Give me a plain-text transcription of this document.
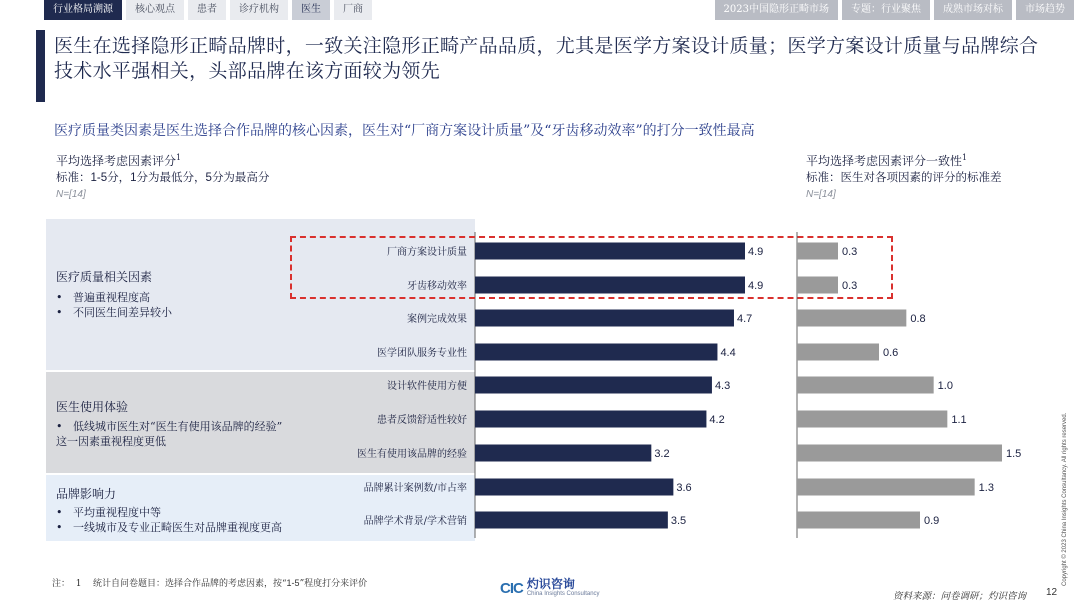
行业格局溯源	核心观点	患者	诊疗机构	医生	厂商	2023中国隐形正畸市场	专题：行业聚焦	成熟市场对标	市场趋势
医生在选择隐形正畸品牌时，一致关注隐形正畸产品品质，尤其是医学方案设计质量；医学方案设计质量与品牌综合技术水平强相关，头部品牌在该方面较为领先
医疗质量类因素是医生选择合作品牌的核心因素，医生对“厂商方案设计质量”及“牙齿移动效率”的打分一致性最高
平均选择考虑因素评分$^1$
标准：1-5分，1分为最低分，5分为最高分
N=[14]
平均选择考虑因素评分一致性$^1$
标准：医生对各项因素的评分的标准差
N=[14]
医疗质量相关因素
•   普遍重视程度高
•   不同医生间差异较小
医生使用体验
•   低线城市医生对“医生有使用该品牌的经验”
这一因素重视程度更低
品牌影响力
•   平均重视程度中等
•   一线城市及专业正畸医生对品牌重视度更高
厂商方案设计质量	4.9	0.3
牙齿移动效率	4.9	0.3
案例完成效果	4.7	0.8
医学团队服务专业性	4.4	0.6
设计软件使用方便	4.3	1.0
患者反馈舒适性较好	4.2	1.1
医生有使用该品牌的经验	3.2	1.5
品牌累计案例数/市占率	3.6	1.3
品牌学术背景/学术营销	3.5	0.9
注： 1 统计自问卷题目：选择合作品牌的考虑因素，按“1-5”程度打分来评价	CIC 灼识咨询
China Insights Consultancy	资料来源：问卷调研；灼识咨询 12
Copyright © 2023 China Insights Consultancy. All rights reserved.
